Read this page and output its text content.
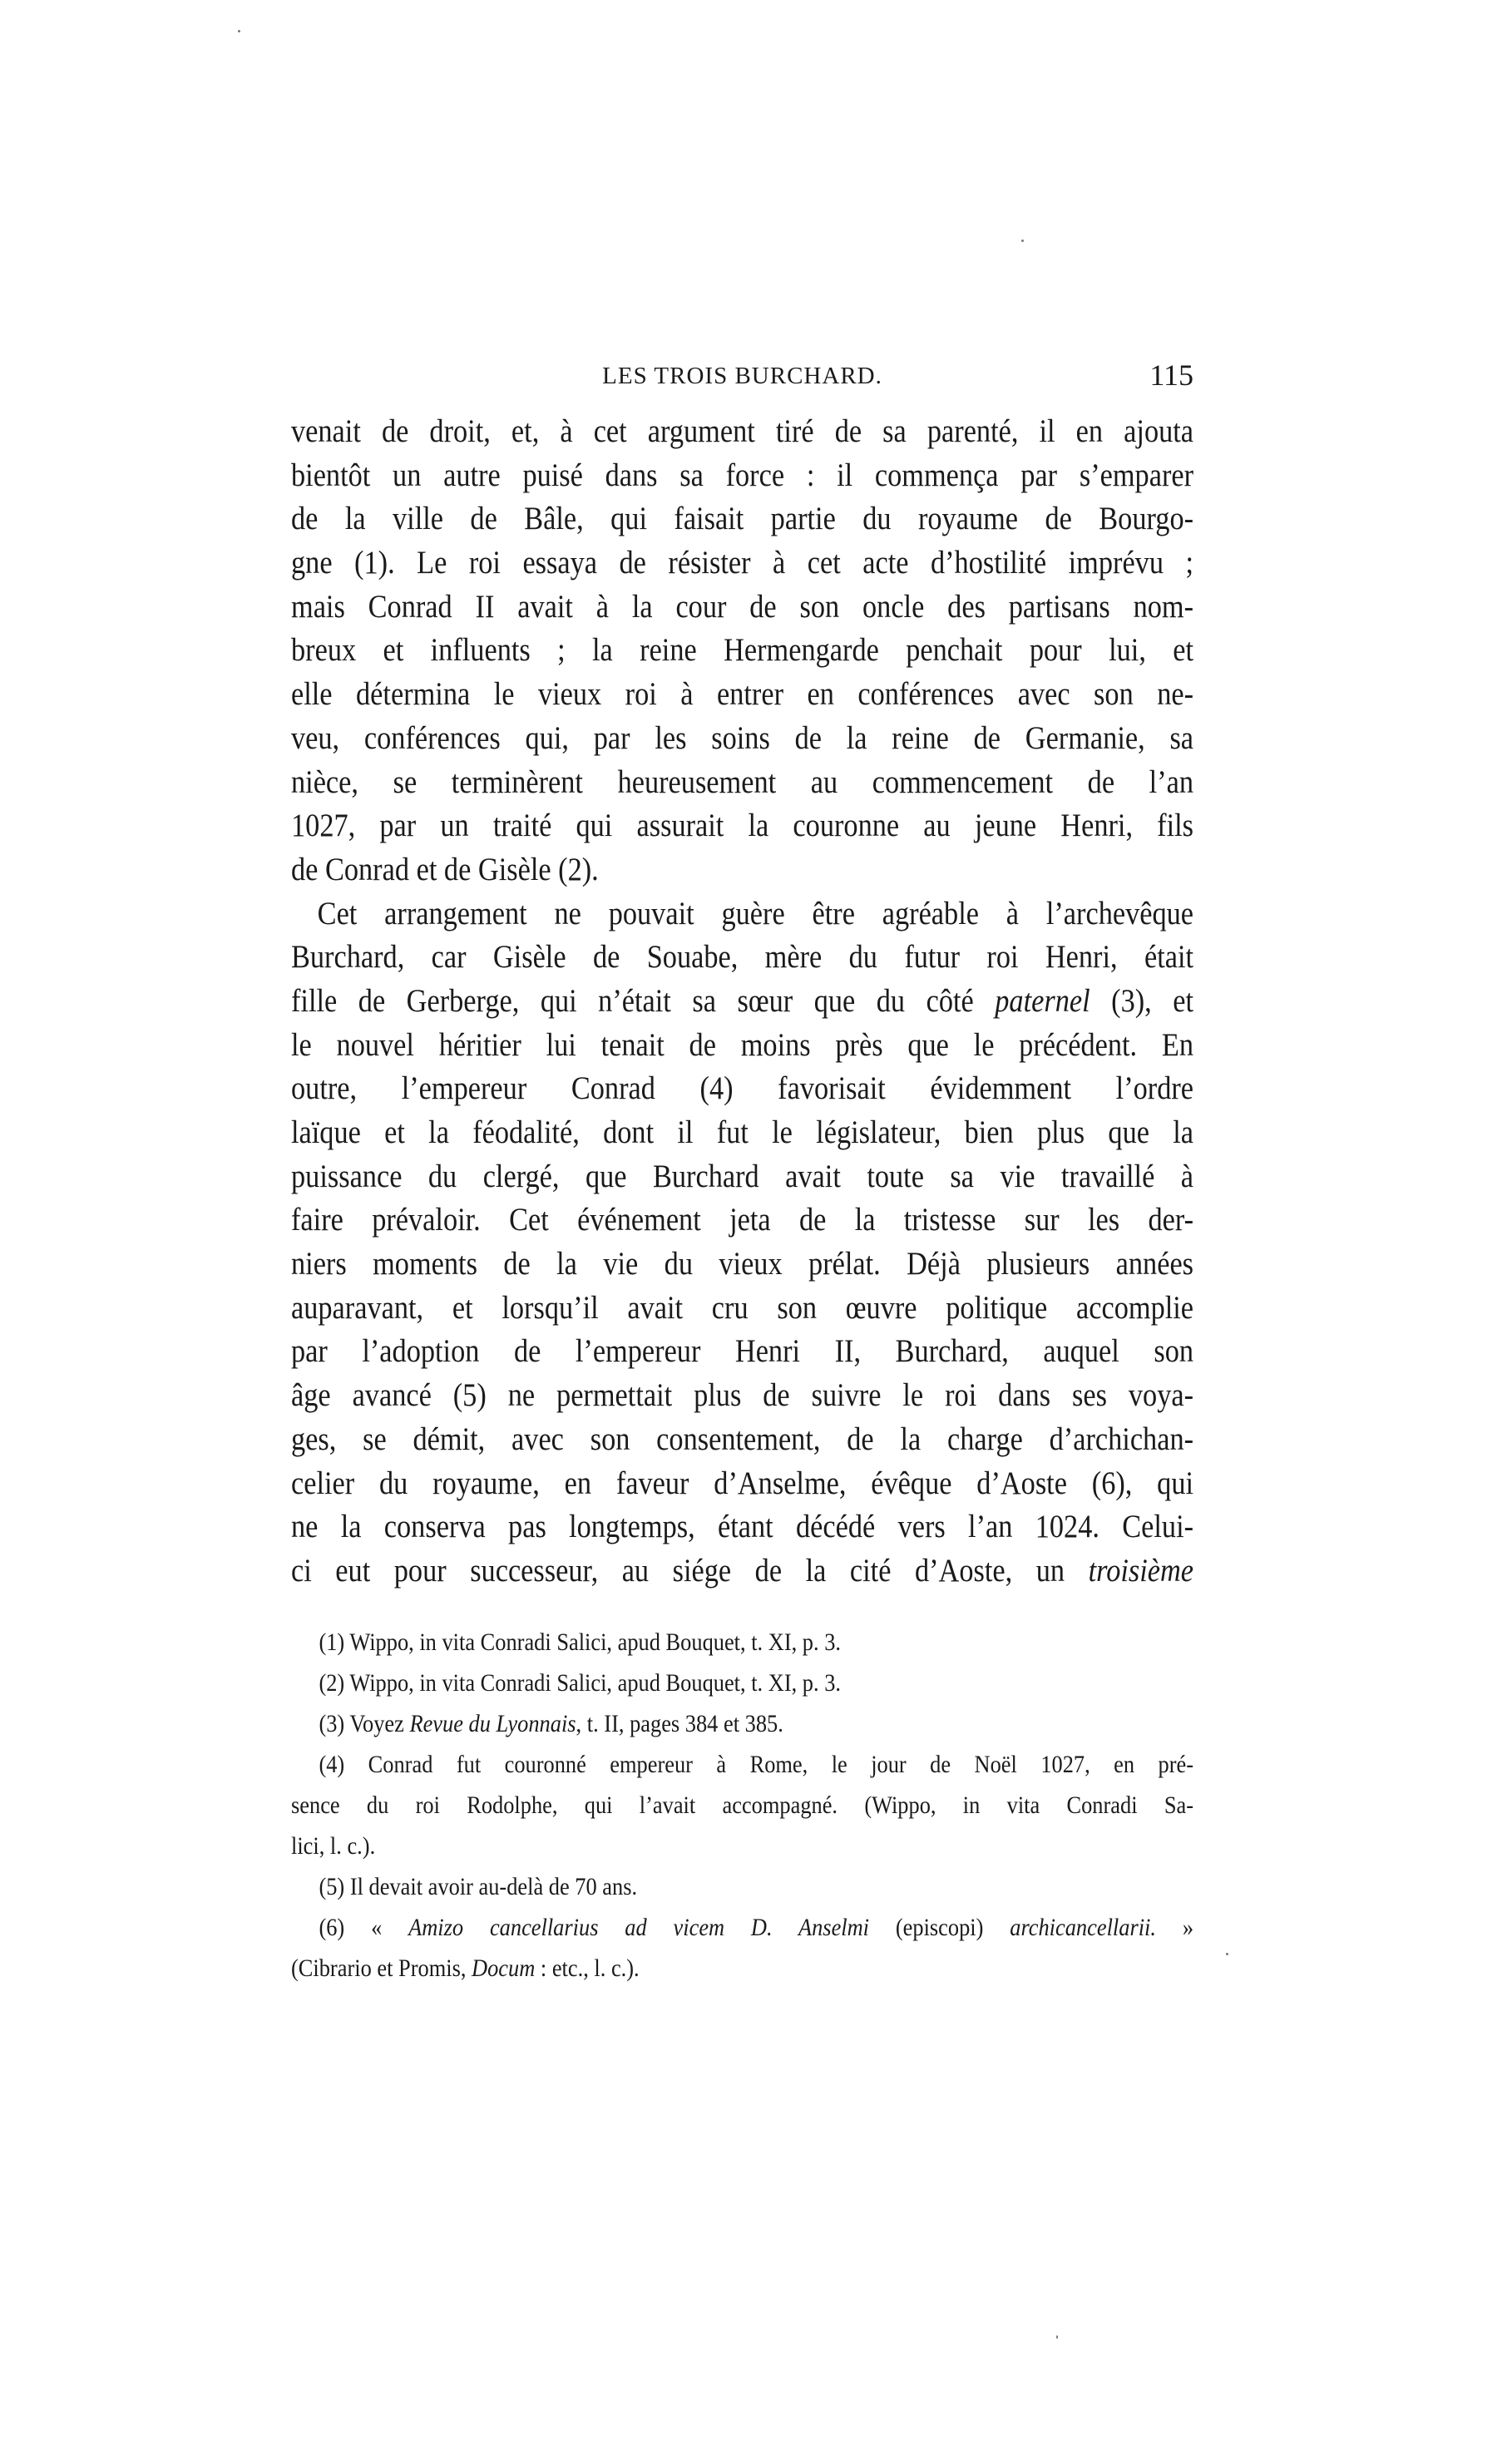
LES TROIS BURCHARD.	115
venait de droit, et, à cet argument tiré de sa parenté, il en ajouta
bientôt un autre puisé dans sa force : il commença par s’emparer
de la ville de Bâle, qui faisait partie du royaume de Bourgo-
gne (1). Le roi essaya de résister à cet acte d’hostilité imprévu ;
mais Conrad II avait à la cour de son oncle des partisans nom-
breux et influents ; la reine Hermengarde penchait pour lui, et
elle détermina le vieux roi à entrer en conférences avec son ne-
veu, conférences qui, par les soins de la reine de Germanie, sa
nièce, se terminèrent heureusement au commencement de l’an
1027, par un traité qui assurait la couronne au jeune Henri, fils
de Conrad et de Gisèle (2).
Cet arrangement ne pouvait guère être agréable à l’archevêque
Burchard, car Gisèle de Souabe, mère du futur roi Henri, était
fille de Gerberge, qui n’était sa sœur que du côté paternel (3), et
le nouvel héritier lui tenait de moins près que le précédent. En
outre, l’empereur Conrad (4) favorisait évidemment l’ordre
laïque et la féodalité, dont il fut le législateur, bien plus que la
puissance du clergé, que Burchard avait toute sa vie travaillé à
faire prévaloir. Cet événement jeta de la tristesse sur les der-
niers moments de la vie du vieux prélat. Déjà plusieurs années
auparavant, et lorsqu’il avait cru son œuvre politique accomplie
par l’adoption de l’empereur Henri II, Burchard, auquel son
âge avancé (5) ne permettait plus de suivre le roi dans ses voya-
ges, se démit, avec son consentement, de la charge d’archichan-
celier du royaume, en faveur d’Anselme, évêque d’Aoste (6), qui
ne la conserva pas longtemps, étant décédé vers l’an 1024. Celui-
ci eut pour successeur, au siége de la cité d’Aoste, un troisième
(1) Wippo, in vita Conradi Salici, apud Bouquet, t. XI, p. 3.
(2) Wippo, in vita Conradi Salici, apud Bouquet, t. XI, p. 3.
(3) Voyez Revue du Lyonnais, t. II, pages 384 et 385.
(4) Conrad fut couronné empereur à Rome, le jour de Noël 1027, en pré-
sence du roi Rodolphe, qui l’avait accompagné. (Wippo, in vita Conradi Sa-
lici, l. c.).
(5) Il devait avoir au-delà de 70 ans.
(6) « Amizo cancellarius ad vicem D. Anselmi (episcopi) archicancellarii. »
(Cibrario et Promis, Docum : etc., l. c.).
